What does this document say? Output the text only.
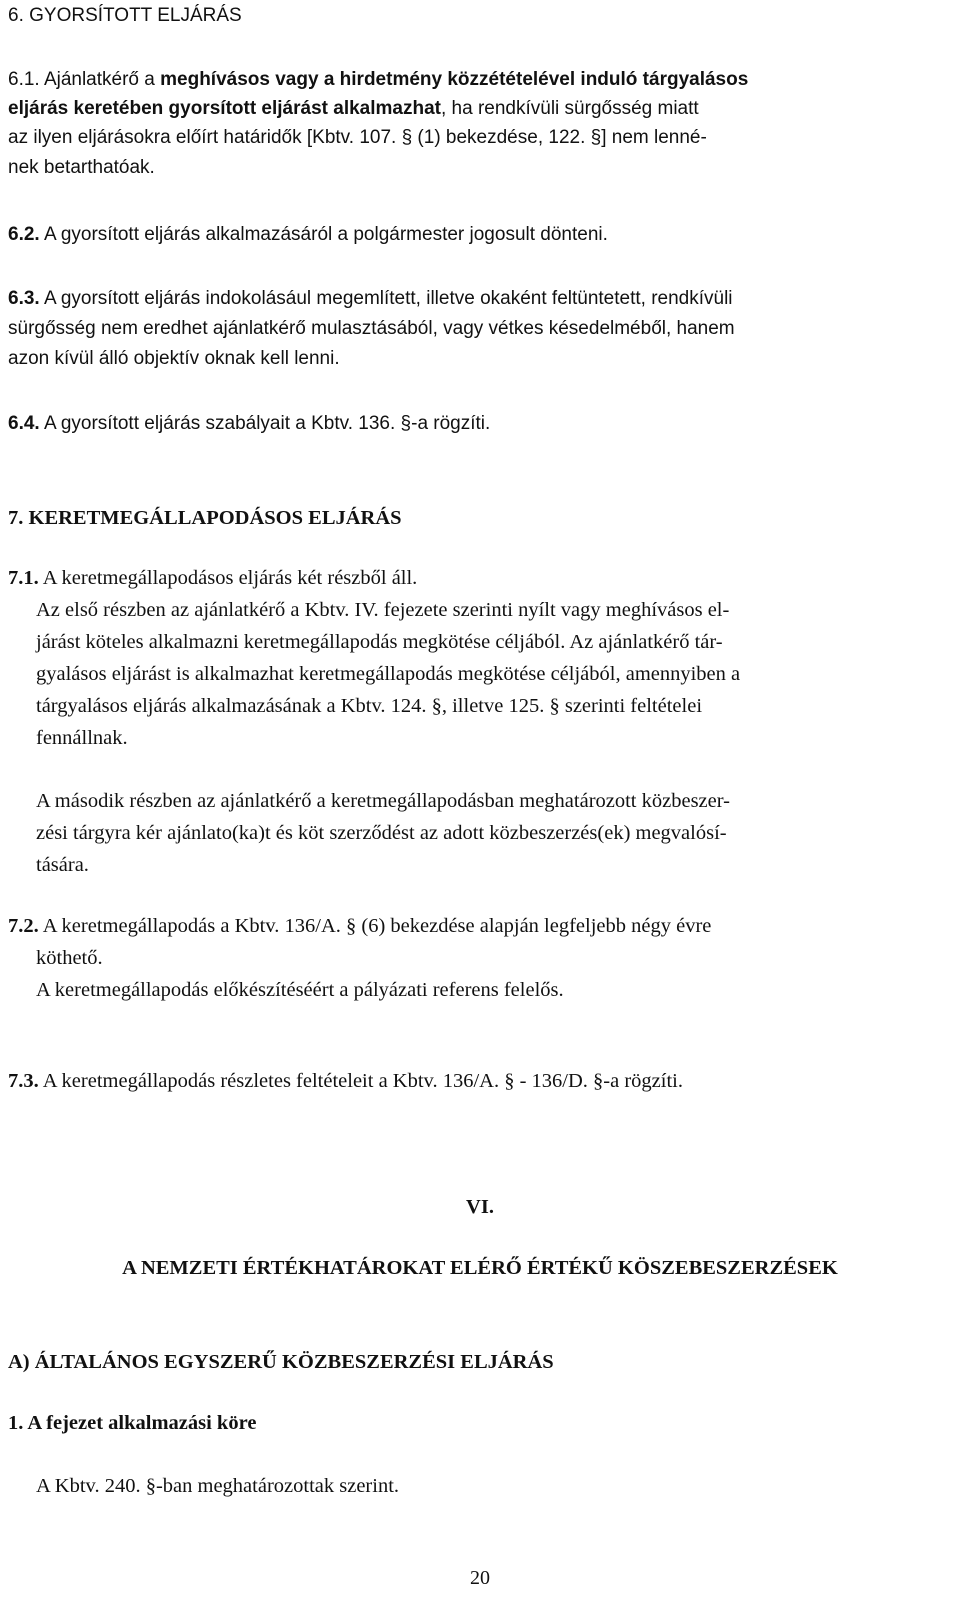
6. GYORSÍTOTT ELJÁRÁS
6.1. Ajánlatkérő a meghívásos vagy a hirdetmény közzétételével induló tárgyalásos
eljárás keretében gyorsított eljárást alkalmazhat, ha rendkívüli sürgősség miatt
az ilyen eljárásokra előírt határidők [Kbtv. 107. § (1) bekezdése, 122. §] nem lenné-
nek betarthatóak.
6.2. A gyorsított eljárás alkalmazásáról a polgármester jogosult dönteni.
6.3. A gyorsított eljárás indokolásául megemlített, illetve okaként feltüntetett, rendkívüli
sürgősség nem eredhet ajánlatkérő mulasztásából, vagy vétkes késedelméből, hanem
azon kívül álló objektív oknak kell lenni.
6.4. A gyorsított eljárás szabályait a Kbtv. 136. §-a rögzíti.
7. KERETMEGÁLLAPODÁSOS ELJÁRÁS
7.1. A keretmegállapodásos eljárás két részből áll.
Az első részben az ajánlatkérő a Kbtv. IV. fejezete szerinti nyílt vagy meghívásos el-
járást köteles alkalmazni keretmegállapodás megkötése céljából. Az ajánlatkérő tár-
gyalásos eljárást is alkalmazhat keretmegállapodás megkötése céljából, amennyiben a
tárgyalásos eljárás alkalmazásának a Kbtv. 124. §, illetve 125. § szerinti feltételei
fennállnak.
A második részben az ajánlatkérő a keretmegállapodásban meghatározott közbeszer-
zési tárgyra kér ajánlato(ka)t és köt szerződést az adott közbeszerzés(ek) megvalósí-
tására.
7.2. A keretmegállapodás a Kbtv. 136/A. § (6) bekezdése alapján legfeljebb négy évre
köthető.
A keretmegállapodás előkészítéséért a pályázati referens felelős.
7.3. A keretmegállapodás részletes feltételeit a Kbtv. 136/A. § - 136/D. §-a rögzíti.
VI.
A NEMZETI ÉRTÉKHATÁROKAT ELÉRŐ ÉRTÉKŰ KÖSZEBESZERZÉSEK
A) ÁLTALÁNOS EGYSZERŰ KÖZBESZERZÉSI ELJÁRÁS
1. A fejezet alkalmazási köre
A Kbtv. 240. §-ban meghatározottak szerint.
20
